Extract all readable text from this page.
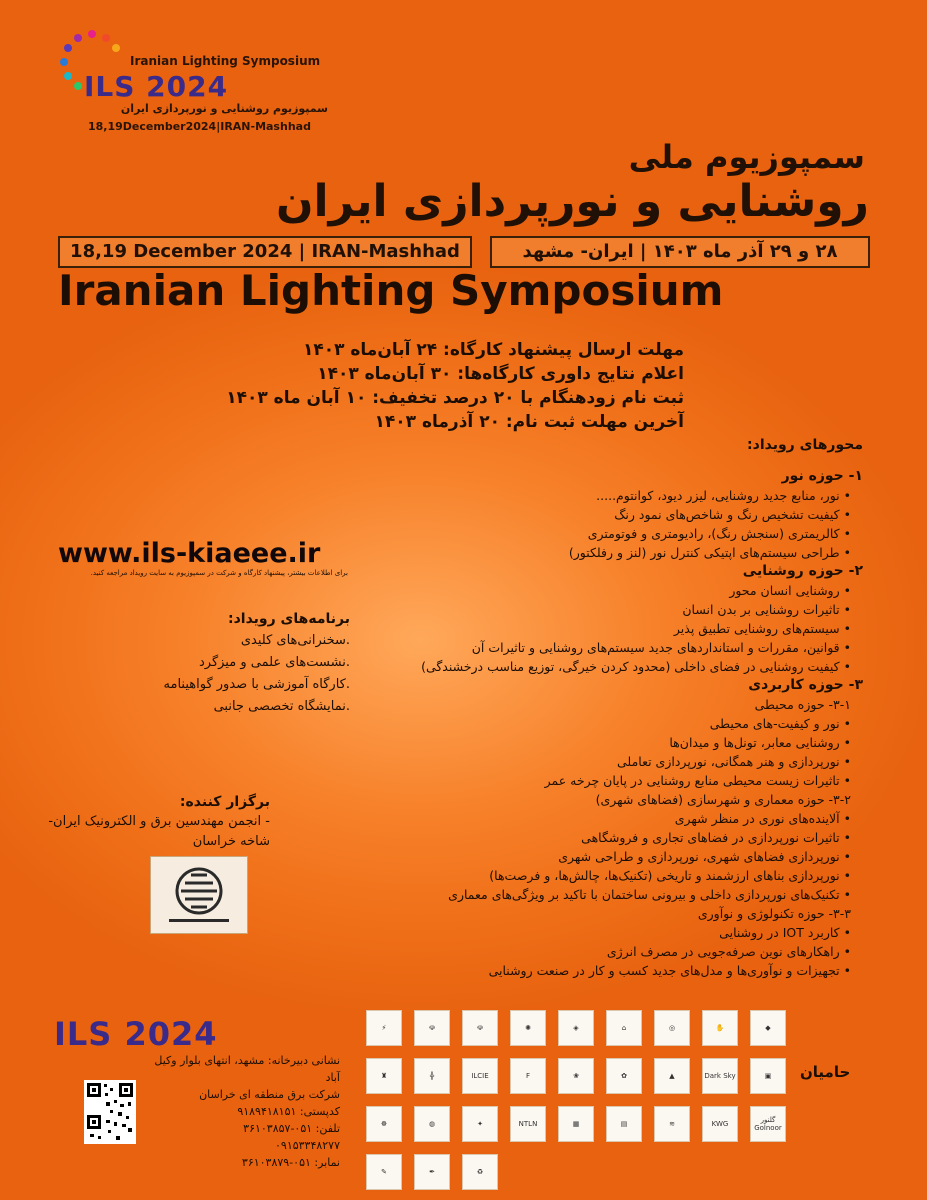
Iranian Lighting Symposium
ILS 2024
سمپوزیوم روشنایی و نورپردازی ایران
18,19December2024|IRAN-Mashhad
سمپوزیوم ملی
روشنایی و نورپردازی ایران
18,19 December 2024 | IRAN-Mashhad	۲۸ و ۲۹ آذر ماه ۱۴۰۳ | ایران- مشهد
Iranian Lighting Symposium
مهلت ارسال پیشنهاد کارگاه: ۲۴ آبان‌ماه ۱۴۰۳
اعلام نتایج داوری کارگاه‌ها: ۳۰ آبان‌ماه ۱۴۰۳
ثبت نام زودهنگام با ۲۰ درصد تخفیف: ۱۰ آبان ماه ۱۴۰۳
آخرین مهلت ثبت نام: ۲۰ آذرماه ۱۴۰۳
محورهای رویداد:
۱- حوزه نور
• نور، منابع جدید روشنایی، لیزر دیود، کوانتوم.....
• کیفیت تشخیص رنگ و شاخص‌های نمود رنگ
• کالریمتری (سنجش رنگ)، رادیومتری و فوتومتری
• طراحی سیستم‌های اپتیکی کنترل نور (لنز و رفلکتور)
۲- حوزه روشنایی
• روشنایی انسان محور
• تاثیرات روشنایی بر بدن انسان
• سیستم‌های روشنایی تطبیق پذیر
• قوانین، مقررات و استانداردهای جدید سیستم‌های روشنایی و تاثیرات آن
• کیفیت روشنایی در فضای داخلی (محدود کردن خیرگی، توزیع مناسب درخشندگی)
۳- حوزه کاربردی
۳-۱- حوزه محیطی
• نور و کیفیت‌-های محیطی
• روشنایی معابر، تونل‌ها و میدان‌ها
• نورپردازی و هنر همگانی، نورپردازی تعاملی
• تاثیرات زیست محیطی منابع روشنایی در پایان چرخه عمر
۳-۲- حوزه معماری و شهرسازی (فضاهای شهری)
• آلاینده‌های نوری در منظر شهری
• تاثیرات نورپردازی در فضاهای تجاری و فروشگاهی
• نورپردازی فضاهای شهری، نورپردازی و طراحی شهری
• نورپردازی بناهای ارزشمند و تاریخی (تکنیک‌ها، چالش‌ها، و فرصت‌ها)
• تکنیک‌های نورپردازی داخلی و بیرونی ساختمان با تاکید بر ویژگی‌های معماری
۳-۳- حوزه تکنولوژی و نوآوری
• کاربرد IOT در روشنایی
• راهکارهای نوین صرفه‌جویی در مصرف انرژی
• تجهیزات و نوآوری‌ها و مدل‌های جدید کسب و کار در صنعت روشنایی
www.ils-kiaeee.ir
برای اطلاعات بیشتر، پیشنهاد کارگاه و شرکت در سمپوزیوم به سایت رویداد مراجعه کنید.
برنامه‌های رویداد:
.سخنرانی‌های کلیدی
.نشست‌های علمی و میزگرد
.کارگاه آموزشی با صدور گواهینامه
.نمایشگاه تخصصی جانبی
برگزار کننده:
- انجمن مهندسین برق و الکترونیک ایران- شاخه خراسان
ILS 2024
نشانی دبیرخانه: مشهد، انتهای بلوار وکیل آباد
شرکت برق منطقه ای خراسان
کدپستی: ۹۱۸۹۴۱۸۱۵۱
تلفن: ۰۵۱-۳۶۱۰۳۸۵۷
۰۹۱۵۳۳۴۸۲۷۷
نمابر: ۰۵۱-۳۶۱۰۳۸۷۹
حامیان
◆
✋
◎
⌂
◈
✺
☫
☫
⚡
▣
Dark Sky
▲
✿
❀
F
ILCIE
╬
♜
گلنور
Golnoor
KWG
≋
▤
▦
NTLN
✦
◍
☸
♻
✒
✎
